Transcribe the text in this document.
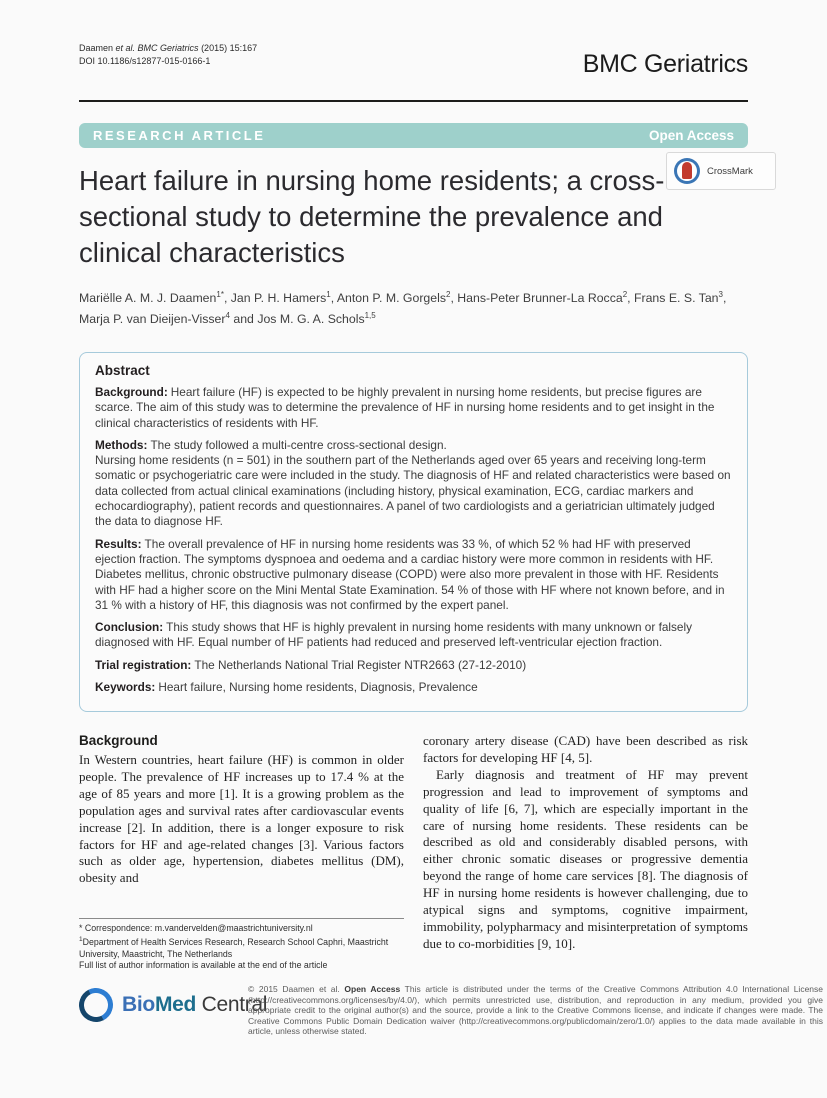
Daamen et al. BMC Geriatrics (2015) 15:167
DOI 10.1186/s12877-015-0166-1	BMC Geriatrics
RESEARCH ARTICLE	Open Access
CrossMark
Heart failure in nursing home residents; a cross-sectional study to determine the prevalence and clinical characteristics
Mariëlle A. M. J. Daamen$^{1*}$, Jan P. H. Hamers$^1$, Anton P. M. Gorgels$^2$, Hans-Peter Brunner-La Rocca$^2$, Frans E. S. Tan$^3$, Marja P. van Dieijen-Visser$^4$ and Jos M. G. A. Schols$^{1,5}$
Abstract

Background: Heart failure (HF) is expected to be highly prevalent in nursing home residents, but precise figures are scarce. The aim of this study was to determine the prevalence of HF in nursing home residents and to get insight in the clinical characteristics of residents with HF.

Methods: The study followed a multi-centre cross-sectional design.
Nursing home residents (n = 501) in the southern part of the Netherlands aged over 65 years and receiving long-term somatic or psychogeriatric care were included in the study. The diagnosis of HF and related characteristics were based on data collected from actual clinical examinations (including history, physical examination, ECG, cardiac markers and echocardiography), patient records and questionnaires. A panel of two cardiologists and a geriatrician ultimately judged the data to diagnose HF.

Results: The overall prevalence of HF in nursing home residents was 33 %, of which 52 % had HF with preserved ejection fraction. The symptoms dyspnoea and oedema and a cardiac history were more common in residents with HF. Diabetes mellitus, chronic obstructive pulmonary disease (COPD) were also more prevalent in those with HF. Residents with HF had a higher score on the Mini Mental State Examination. 54 % of those with HF where not known before, and in 31 % with a history of HF, this diagnosis was not confirmed by the expert panel.

Conclusion: This study shows that HF is highly prevalent in nursing home residents with many unknown or falsely diagnosed with HF. Equal number of HF patients had reduced and preserved left-ventricular ejection fraction.

Trial registration: The Netherlands National Trial Register NTR2663 (27-12-2010)

Keywords: Heart failure, Nursing home residents, Diagnosis, Prevalence

Background

In Western countries, heart failure (HF) is common in older people. The prevalence of HF increases up to 17.4 % at the age of 85 years and more [1]. It is a growing problem as the population ages and survival rates after cardiovascular events increase [2]. In addition, there is a longer exposure to risk factors for HF and age-related changes [3]. Various factors such as older age, hypertension, diabetes mellitus (DM), obesity and

coronary artery disease (CAD) have been described as risk factors for developing HF [4, 5].

Early diagnosis and treatment of HF may prevent progression and lead to improvement of symptoms and quality of life [6, 7], which are especially important in the care of nursing home residents. These residents can be described as old and considerably disabled persons, with either chronic somatic diseases or progressive dementia beyond the range of home care services [8]. The diagnosis of HF in nursing home residents is however challenging, due to atypical signs and symptoms, cognitive impairment, immobility, polypharmacy and misinterpretation of symptoms due to co-morbidities [9, 10].

* Correspondence: m.vandervelden@maastrichtuniversity.nl
$^1$Department of Health Services Research, Research School Caphri, Maastricht University, Maastricht, The Netherlands
Full list of author information is available at the end of the article
BioMed Central
© 2015 Daamen et al. Open Access This article is distributed under the terms of the Creative Commons Attribution 4.0 International License (http://creativecommons.org/licenses/by/4.0/), which permits unrestricted use, distribution, and reproduction in any medium, provided you give appropriate credit to the original author(s) and the source, provide a link to the Creative Commons license, and indicate if changes were made. The Creative Commons Public Domain Dedication waiver (http://creativecommons.org/publicdomain/zero/1.0/) applies to the data made available in this article, unless otherwise stated.
